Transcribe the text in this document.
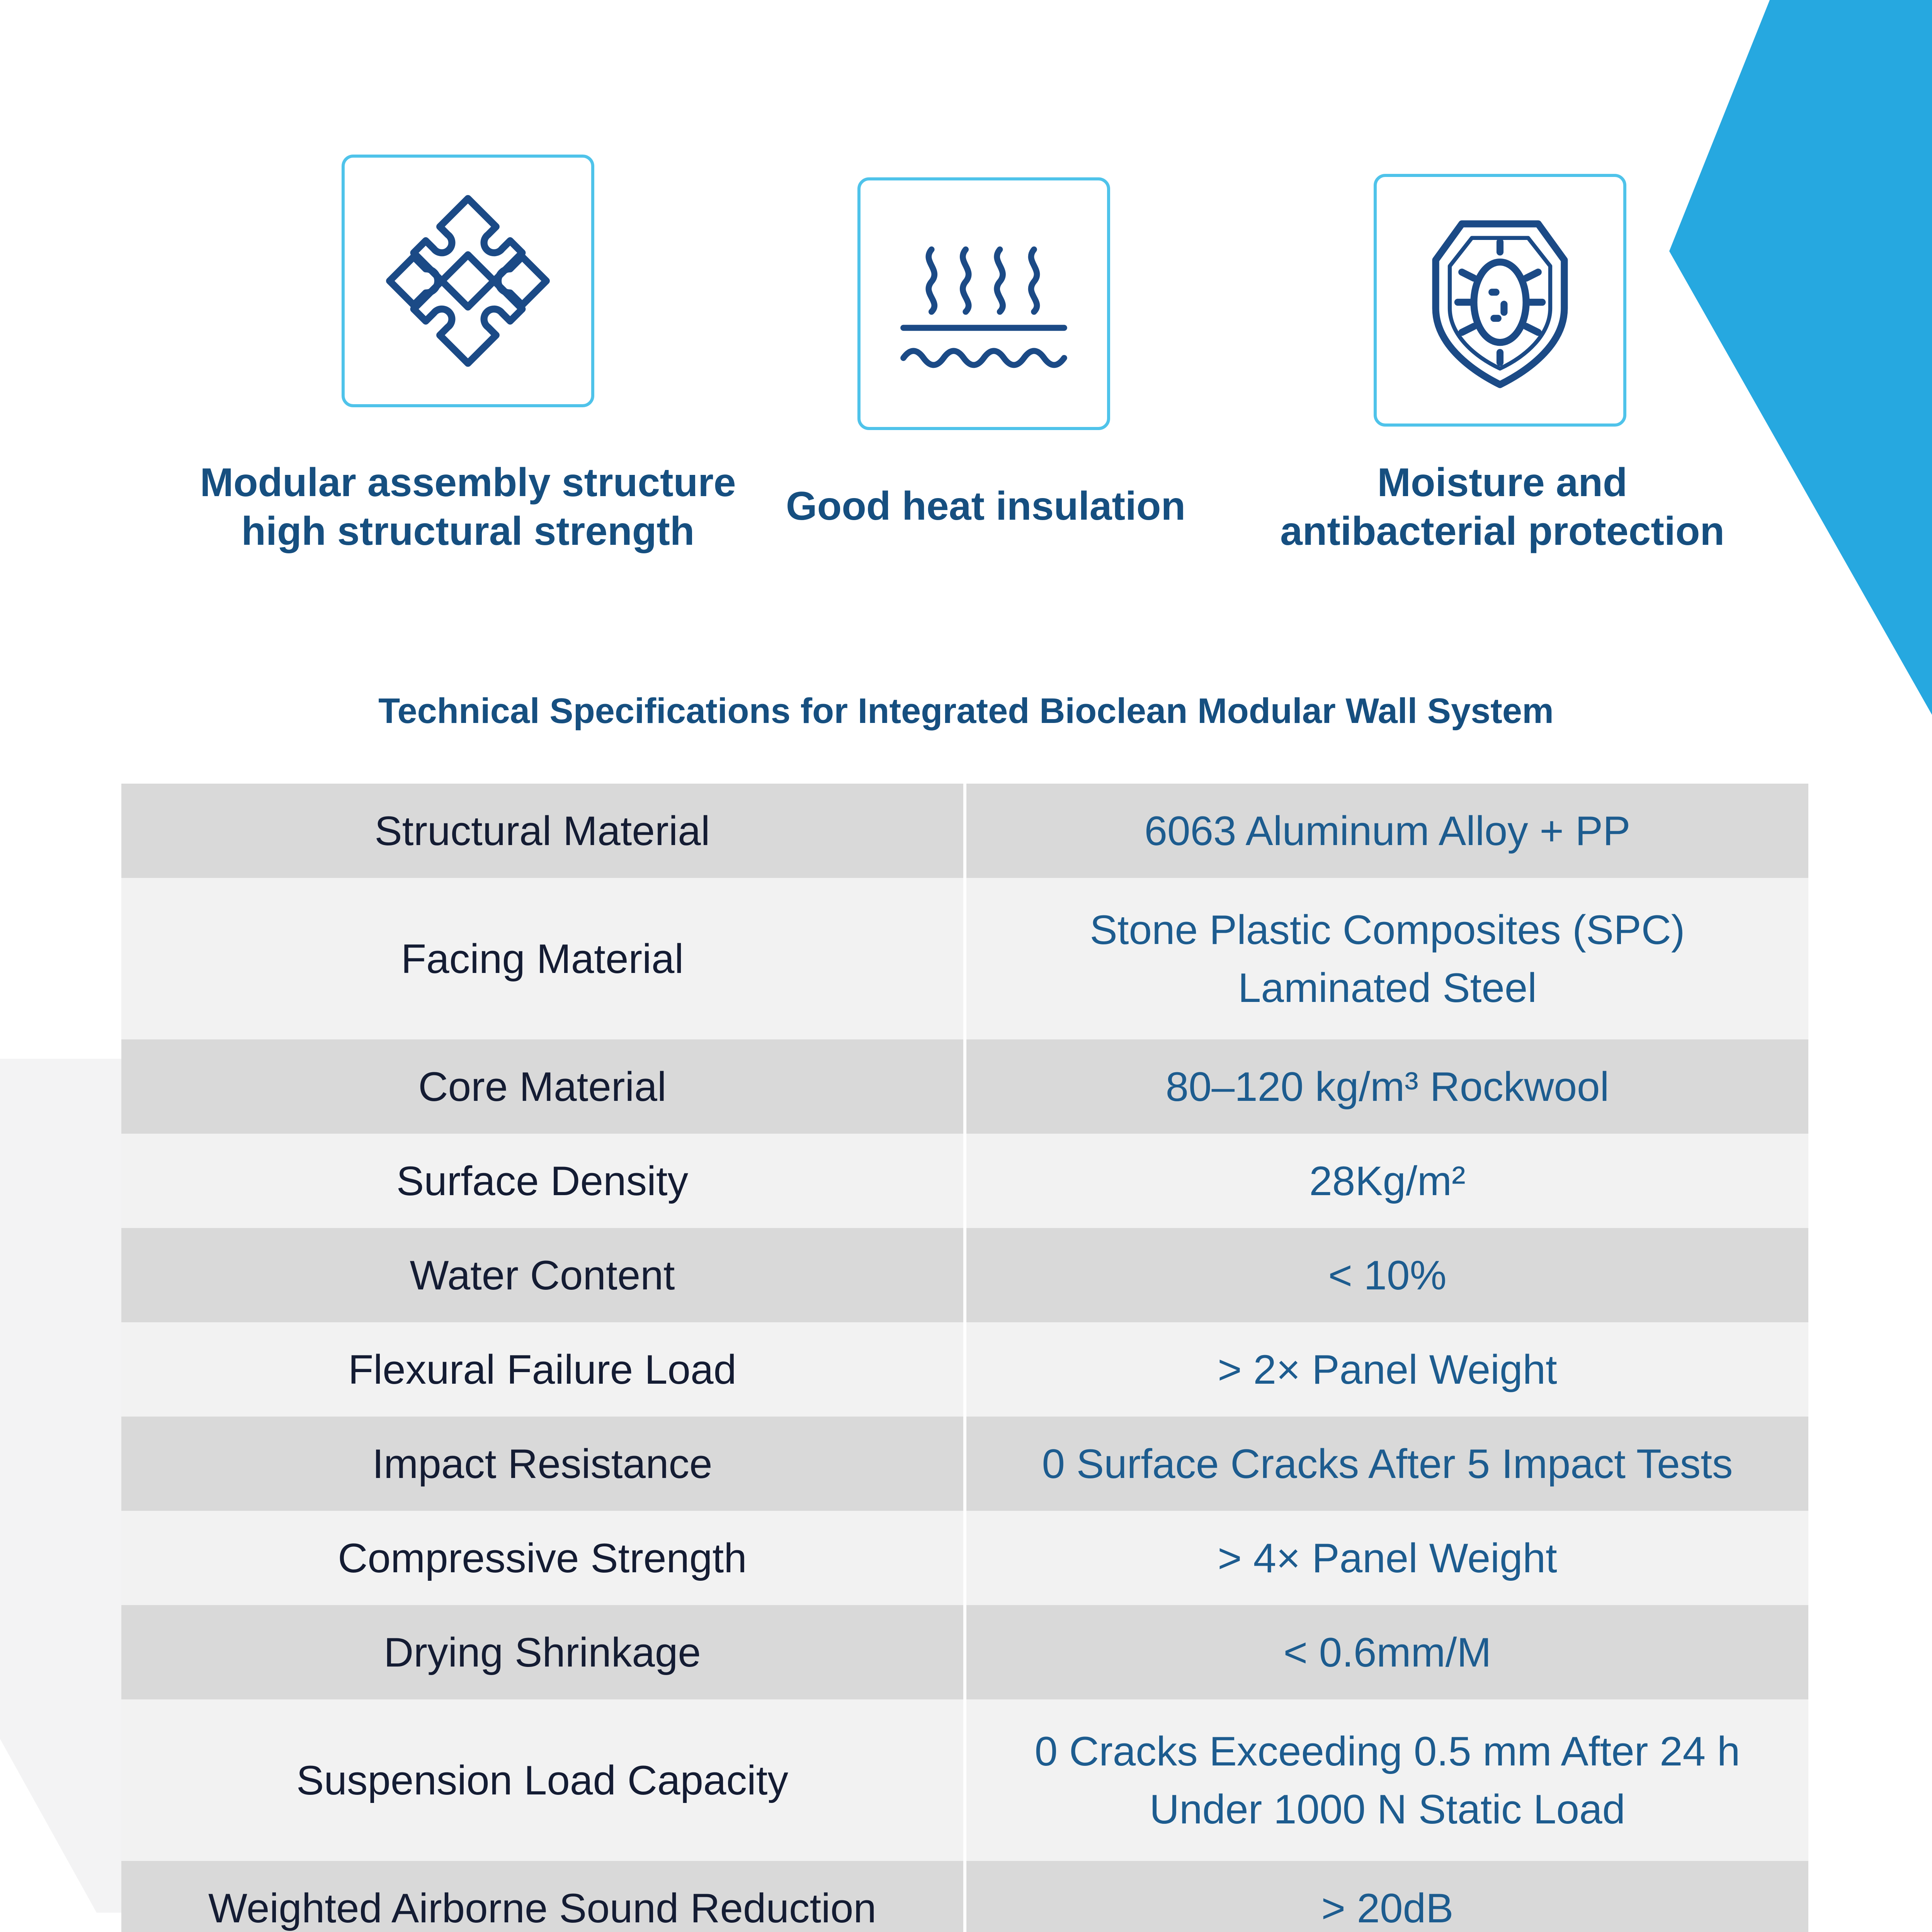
Modular assembly structure
high structural strength
Good heat insulation
Moisture and
antibacterial protection
Technical Specifications for Integrated Bioclean Modular Wall System
Structural Material	6063 Aluminum Alloy + PP
Facing Material	Stone Plastic Composites (SPC)
Laminated Steel
Core Material	80–120 kg/m³ Rockwool
Surface Density	28Kg/m²
Water Content	< 10%
Flexural Failure Load	> 2× Panel Weight
Impact Resistance	0 Surface Cracks After 5 Impact Tests
Compressive Strength	> 4× Panel Weight
Drying Shrinkage	< 0.6mm/M
Suspension Load Capacity	0 Cracks Exceeding 0.5 mm After 24 h
Under 1000 N Static Load
Weighted Airborne Sound Reduction	> 20dB
